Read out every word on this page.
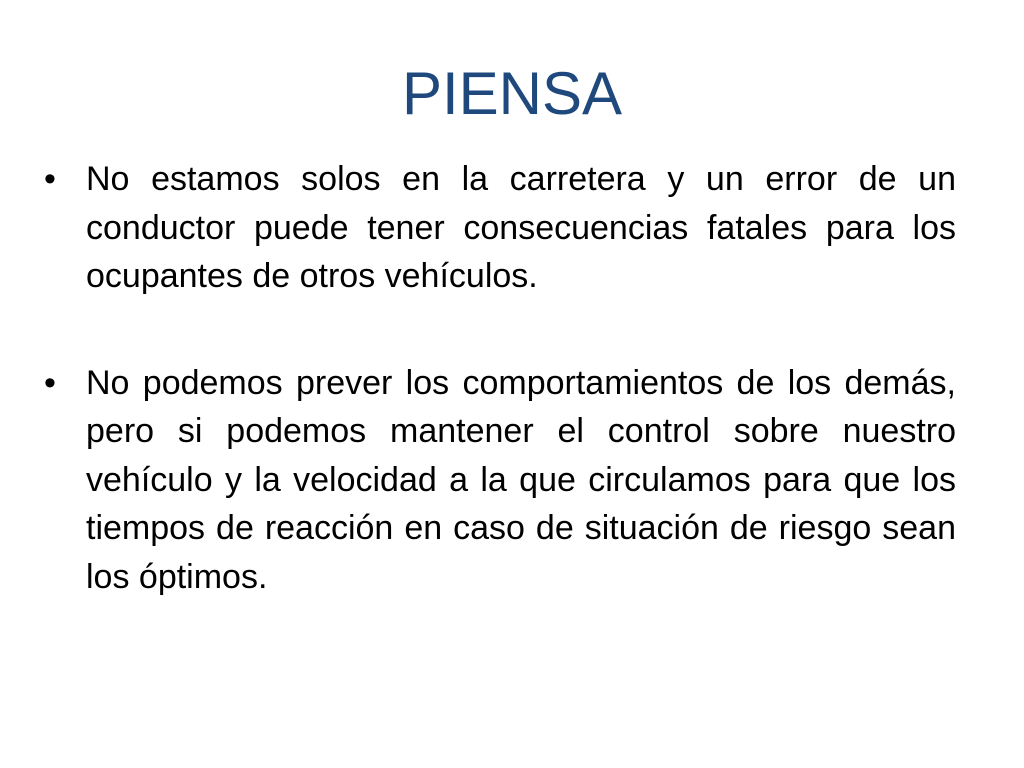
PIENSA
• No estamos solos en la carretera y un error de un conductor puede tener consecuencias fatales para los ocupantes de otros vehículos.
• No podemos prever los comportamientos de los demás, pero si podemos mantener el control sobre nuestro vehículo y la velocidad a la que circulamos para que los tiempos de reacción en caso de situación de riesgo sean los óptimos.
